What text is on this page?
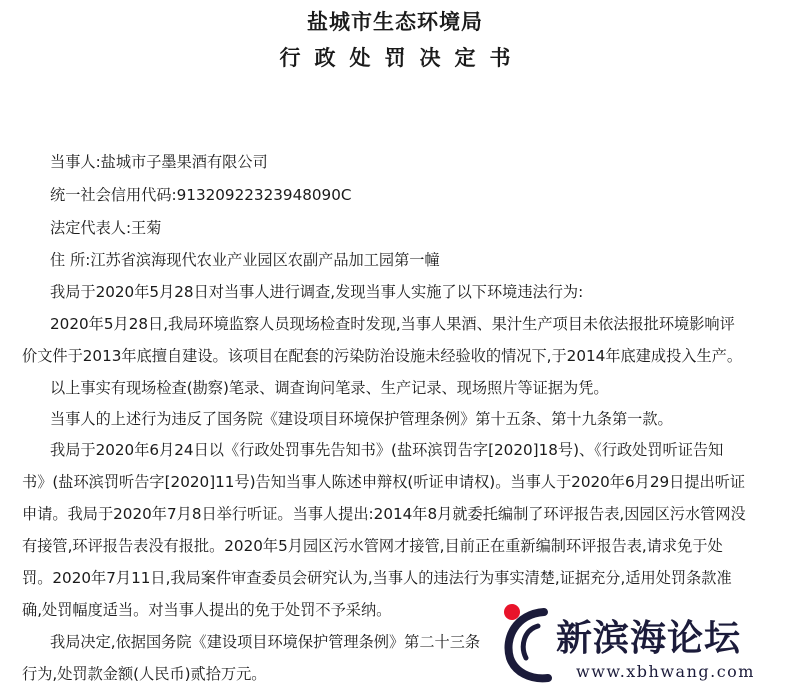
盐城市生态环境局
行政处罚决定书
当事人:盐城市子墨果酒有限公司
统一社会信用代码:91320922323948090C
法定代表人:王菊
住 所:江苏省滨海现代农业产业园区农副产品加工园第一幢
我局于2020年5月28日对当事人进行调查,发现当事人实施了以下环境违法行为:
2020年5月28日,我局环境监察人员现场检查时发现,当事人果酒、果汁生产项目未依法报批环境影响评
价文件于2013年底擅自建设。该项目在配套的污染防治设施未经验收的情况下,于2014年底建成投入生产。
以上事实有现场检查(勘察)笔录、调查询问笔录、生产记录、现场照片等证据为凭。
当事人的上述行为违反了国务院《建设项目环境保护管理条例》第十五条、第十九条第一款。
我局于2020年6月24日以《行政处罚事先告知书》(盐环滨罚告字[2020]18号)、《行政处罚听证告知
书》(盐环滨罚听告字[2020]11号)告知当事人陈述申辩权(听证申请权)。当事人于2020年6月29日提出听证
申请。我局于2020年7月8日举行听证。当事人提出:2014年8月就委托编制了环评报告表,因园区污水管网没
有接管,环评报告表没有报批。2020年5月园区污水管网才接管,目前正在重新编制环评报告表,请求免于处
罚。2020年7月11日,我局案件审查委员会研究认为,当事人的违法行为事实清楚,证据充分,适用处罚条款准
确,处罚幅度适当。对当事人提出的免于处罚不予采纳。
我局决定,依据国务院《建设项目环境保护管理条例》第二十三条
行为,处罚款金额(人民币)贰拾万元。
新滨海论坛
www.xbhwang.com
